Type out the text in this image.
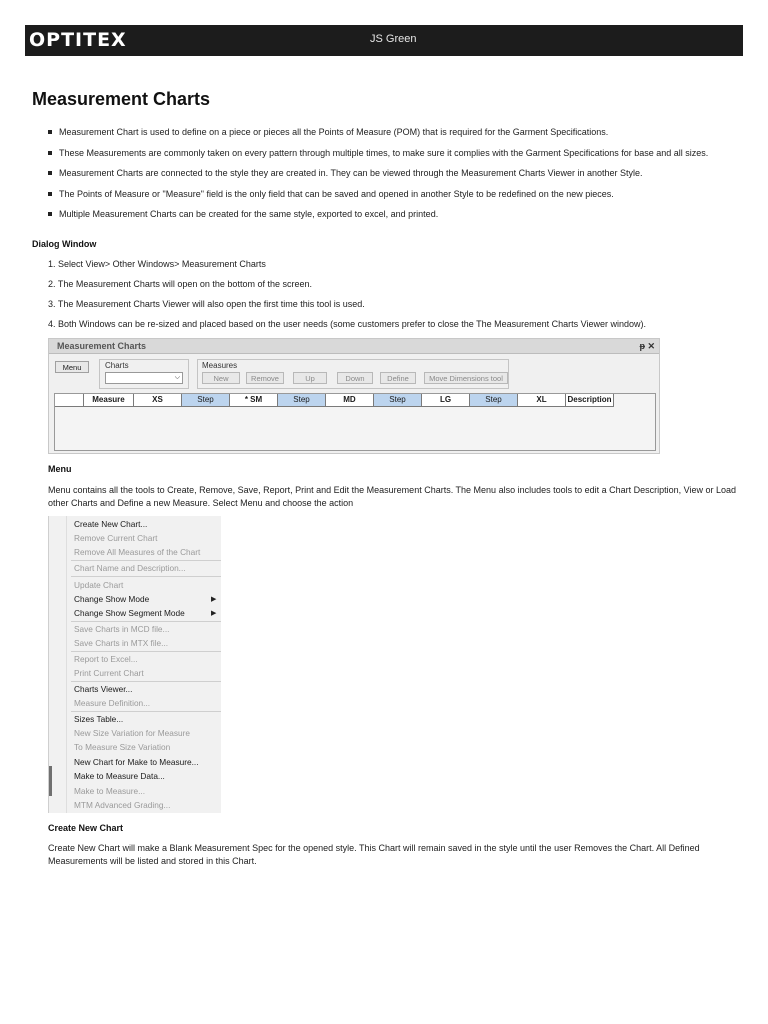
OPTITEX	JS Green
Measurement Charts
Measurement Chart is used to define on a piece or pieces all the Points of Measure (POM) that is required for the Garment Specifications.
These Measurements are commonly taken on every pattern through multiple times, to make sure it complies with the Garment Specifications for base and all sizes.
Measurement Charts are connected to the style they are created in. They can be viewed through the Measurement Charts Viewer in another Style.
The Points of Measure or "Measure" field is the only field that can be saved and opened in another Style to be redefined on the new pieces.
Multiple Measurement Charts can be created for the same style, exported to excel, and printed.
Dialog Window
1. Select View> Other Windows> Measurement Charts
2. The Measurement Charts will open on the bottom of the screen.
3. The Measurement Charts Viewer will also open the first time this tool is used.
4. Both Windows can be re-sized and placed based on the user needs (some customers prefer to close the The Measurement Charts Viewer window).
Measurement Charts	ᵽ ✕
Menu	Charts
⌵
Measures
New	Remove	Up	Down	Define	Move Dimensions tool
Measure	XS	Step	* SM	Step	MD	Step	LG	Step	XL	Description
Menu
Menu contains all the tools to Create, Remove, Save, Report, Print and Edit the Measurement Charts. The Menu also includes tools to edit a Chart Description, View or Load other Charts and Define a new Measure. Select Menu and choose the action
Create New Chart...
Remove Current Chart
Remove All Measures of the Chart
Chart Name and Description...
Update Chart
Change Show Mode	▶
Change Show Segment Mode	▶
Save Charts in MCD file...
Save Charts in MTX file...
Report to Excel...
Print Current Chart
Charts Viewer...
Measure Definition...
Sizes Table...
New Size Variation for Measure
To Measure Size Variation
New Chart for Make to Measure...
Make to Measure Data...
Make to Measure...
MTM Advanced Grading...
Create New Chart
Create New Chart will make a Blank Measurement Spec for the opened style. This Chart will remain saved in the style until the user Removes the Chart. All Defined Measurements will be listed and stored in this Chart.
